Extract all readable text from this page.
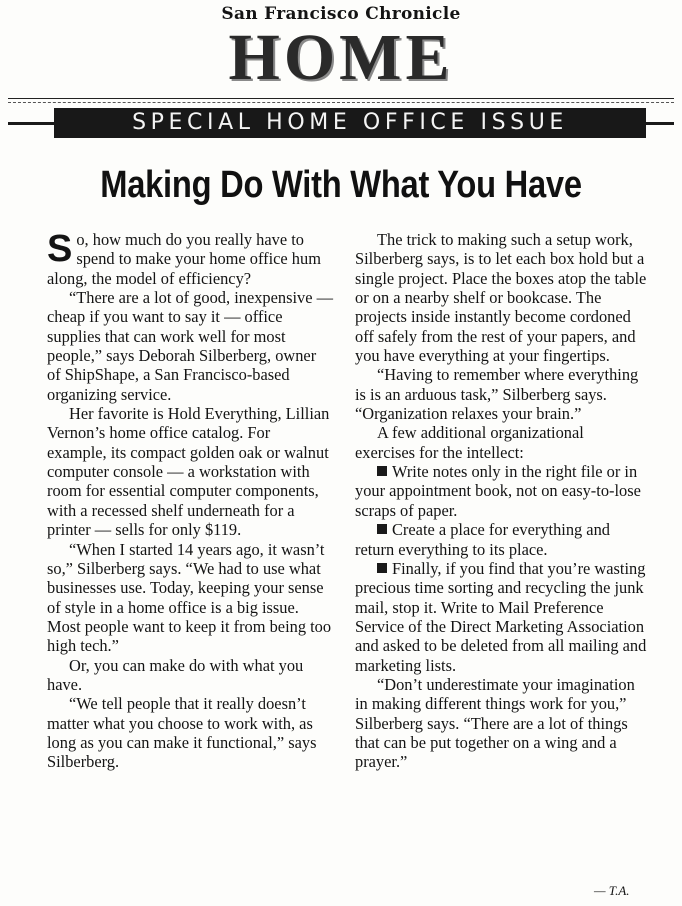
San Francisco Chronicle
HOME
SPECIAL HOME OFFICE ISSUE
Making Do With What You Have

So, how much do you really have to spend to make your home office hum along, the model of efficiency?

“There are a lot of good, inexpensive — cheap if you want to say it — office supplies that can work well for most people,” says Deborah Silberberg, owner of ShipShape, a San Francisco-based organizing service.

Her favorite is Hold Everything, Lillian Vernon’s home office catalog. For example, its compact golden oak or walnut computer console — a workstation with room for essential computer components, with a recessed shelf underneath for a printer — sells for only $119.

“When I started 14 years ago, it wasn’t so,” Silberberg says. “We had to use what businesses use. Today, keeping your sense of style in a home office is a big issue. Most people want to keep it from being too high tech.”

Or, you can make do with what you have.

“We tell people that it really doesn’t matter what you choose to work with, as long as you can make it functional,” says Silberberg.

The trick to making such a setup work, Silberberg says, is to let each box hold but a single project. Place the boxes atop the table or on a nearby shelf or bookcase. The projects inside instantly become cordoned off safely from the rest of your papers, and you have everything at your fingertips.

“Having to remember where everything is is an arduous task,” Silberberg says. “Organization relaxes your brain.”

A few additional organizational exercises for the intellect:

Write notes only in the right file or in your appointment book, not on easy-to-lose scraps of paper.

Create a place for everything and return everything to its place.

Finally, if you find that you’re wasting precious time sorting and recycling the junk mail, stop it. Write to Mail Preference Service of the Direct Marketing Association and asked to be deleted from all mailing and marketing lists.

“Don’t underestimate your imagination in making different things work for you,” Silberberg says. “There are a lot of things that can be put together on a wing and a prayer.”

— T.A.
